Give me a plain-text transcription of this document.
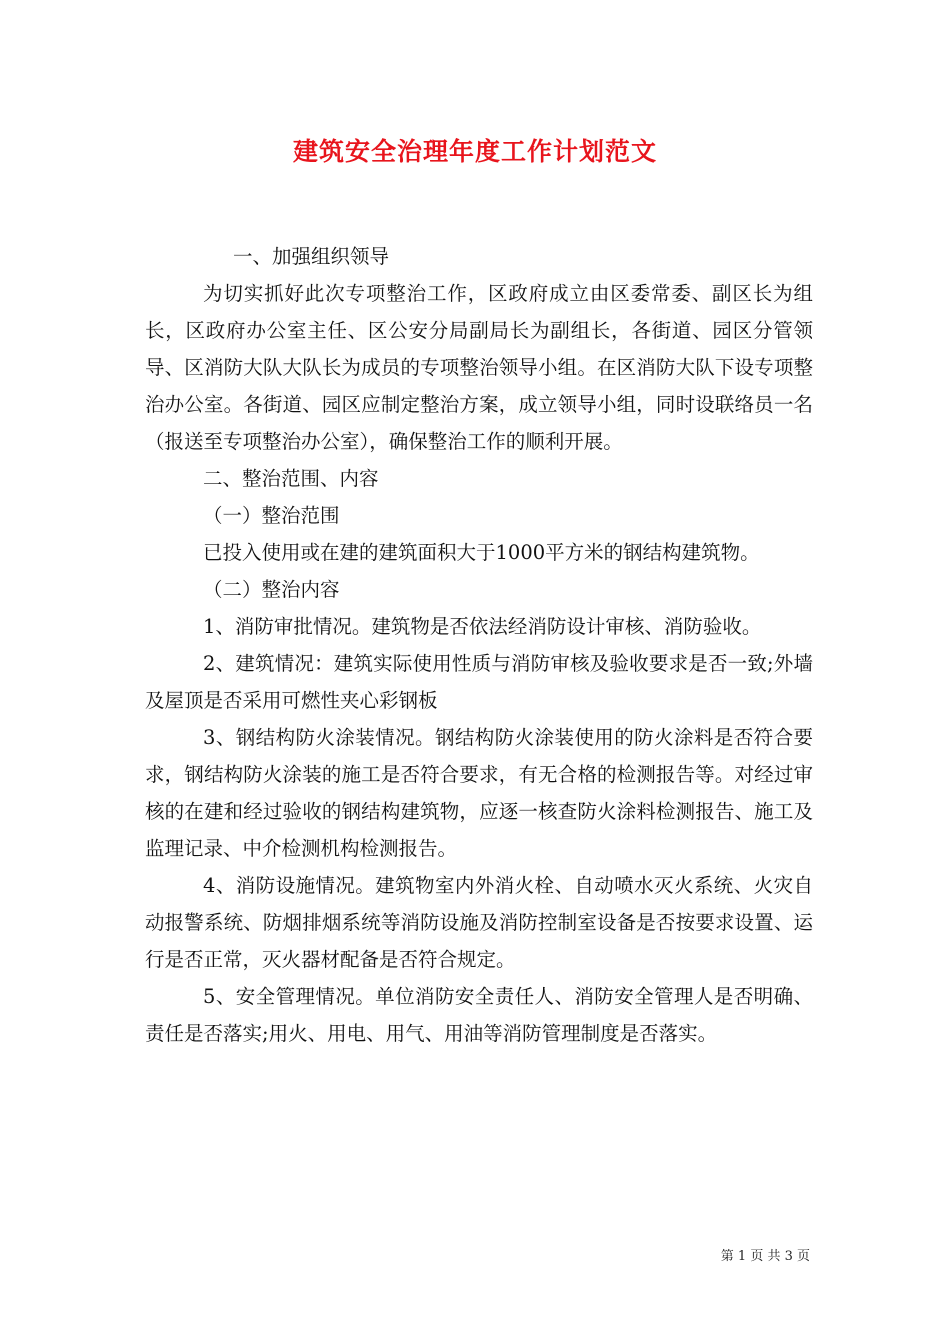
建筑安全治理年度工作计划范文

一、加强组织领导

为切实抓好此次专项整治工作，区政府成立由区委常委、副区长为组长，区政府办公室主任、区公安分局副局长为副组长，各街道、园区分管领导、区消防大队大队长为成员的专项整治领导小组。在区消防大队下设专项整治办公室。各街道、园区应制定整治方案，成立领导小组，同时设联络员一名（报送至专项整治办公室），确保整治工作的顺利开展。

二、整治范围、内容

（一）整治范围

已投入使用或在建的建筑面积大于1000平方米的钢结构建筑物。

（二）整治内容

1、消防审批情况。建筑物是否依法经消防设计审核、消防验收。

2、建筑情况：建筑实际使用性质与消防审核及验收要求是否一致;外墙及屋顶是否采用可燃性夹心彩钢板

3、钢结构防火涂装情况。钢结构防火涂装使用的防火涂料是否符合要求，钢结构防火涂装的施工是否符合要求，有无合格的检测报告等。对经过审核的在建和经过验收的钢结构建筑物，应逐一核查防火涂料检测报告、施工及监理记录、中介检测机构检测报告。

4、消防设施情况。建筑物室内外消火栓、自动喷水灭火系统、火灾自动报警系统、防烟排烟系统等消防设施及消防控制室设备是否按要求设置、运行是否正常，灭火器材配备是否符合规定。

5、安全管理情况。单位消防安全责任人、消防安全管理人是否明确、责任是否落实;用火、用电、用气、用油等消防管理制度是否落实。

第 1 页 共 3 页
